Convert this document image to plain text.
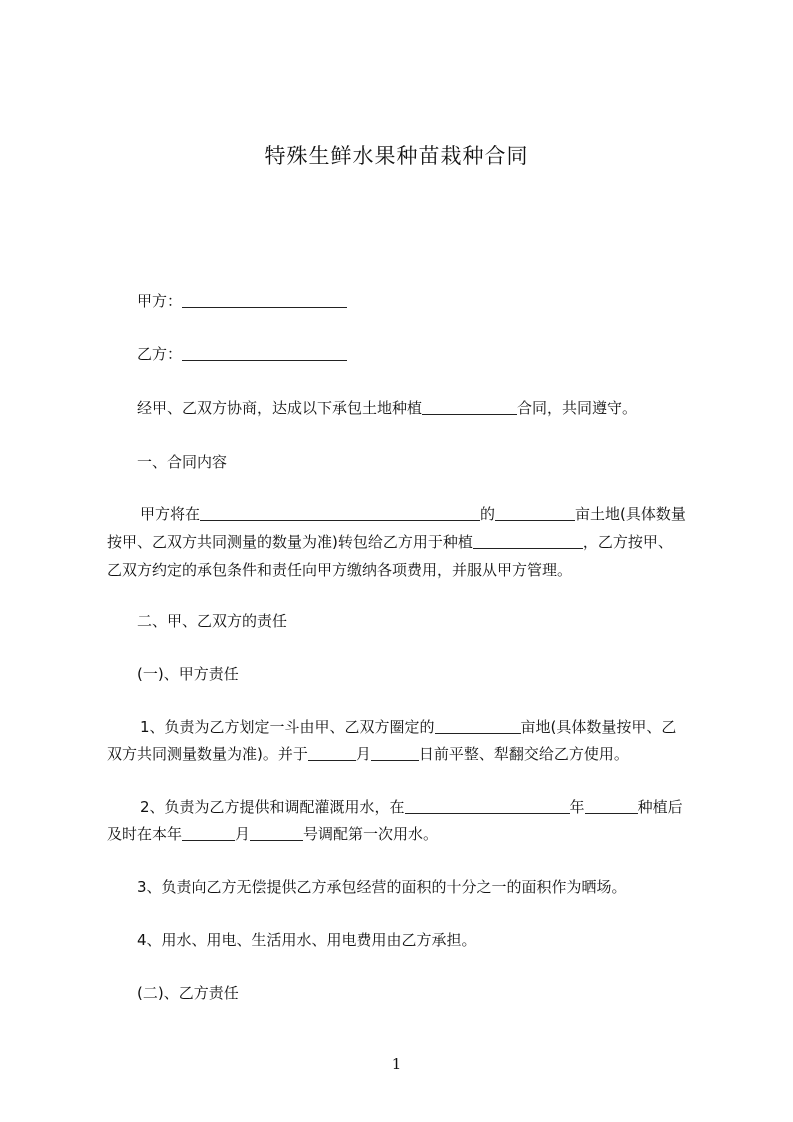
特殊生鲜水果种苗栽种合同
甲方：
乙方：
经甲、乙双方协商，达成以下承包土地种植	合同，共同遵守。
一、合同内容
甲方将在	的	亩土地(具体数量
按甲、乙双方共同测量的数量为准)转包给乙方用于种植	，乙方按甲、
乙双方约定的承包条件和责任向甲方缴纳各项费用，并服从甲方管理。
二、甲、乙双方的责任
(一)、甲方责任
1、负责为乙方划定一斗由甲、乙双方圈定的	亩地(具体数量按甲、乙
双方共同测量数量为准)。并于	月	日前平整、犁翻交给乙方使用。
2、负责为乙方提供和调配灌溉用水，在	年	种植后
及时在本年	月	号调配第一次用水。
3、负责向乙方无偿提供乙方承包经营的面积的十分之一的面积作为晒场。
4、用水、用电、生活用水、用电费用由乙方承担。
(二)、乙方责任
1
